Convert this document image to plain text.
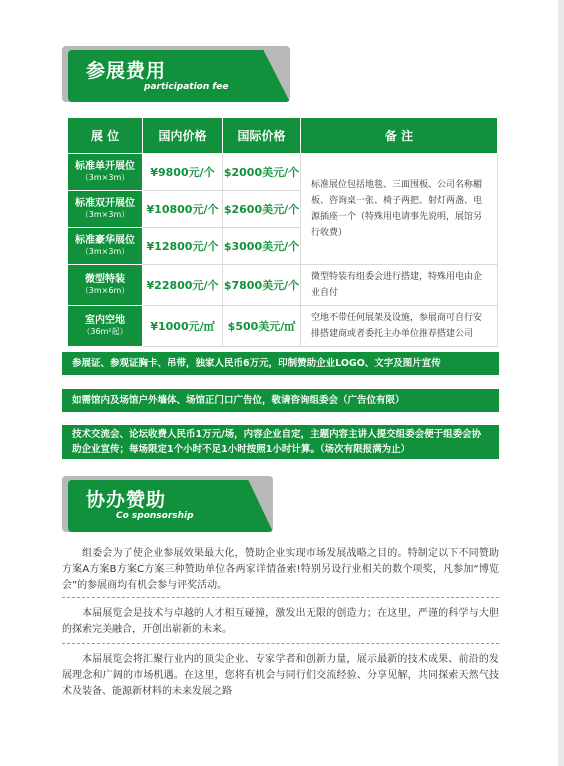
参展费用
participation fee
展 位	国内价格	国际价格	备 注

标准单开展位
（3m×3m）	¥9800元/个	$2000美元/个	标准展位包括地毯、三面围板、公司名称楣板、咨询桌一张、椅子两把、射灯两盏、电源插座一个（特殊用电请事先说明，展馆另行收费）

标准双开展位
（3m×3m）	¥10800元/个	$2600美元/个	

标准豪华展位
（3m×3m）	¥12800元/个	$3000美元/个	

微型特装
（3m×6m）	¥22800元/个	$7800美元/个	微型特装有组委会进行搭建，特殊用电由企业自付

室内空地
（36m²起）	¥1000元/㎡	$500美元/㎡	空地不带任何展架及设施，参展商可自行安排搭建商或者委托主办单位推荐搭建公司
参展证、参观证胸卡、吊带，独家人民币6万元，印制赞助企业LOGO、文字及图片宣传
如需馆内及场馆户外墙体、场馆正门口广告位，敬请咨询组委会（广告位有限）
技术交流会、论坛收费人民币1万元/场，内容企业自定，主题内容主讲人提交组委会便于组委会协助企业宣传；每场限定1个小时不足1小时按照1小时计算。（场次有限报满为止）
协办赞助
Co sponsorship
组委会为了使企业参展效果最大化，赞助企业实现市场发展战略之目的。特制定以下不同赞助方案A方案B方案C方案三种赞助单位各两家详情备索!特别另设行业相关的数个项奖，凡参加“博览会”的参展商均有机会参与评奖活动。
本届展览会是技术与卓越的人才相互碰撞，激发出无限的创造力；在这里，严谨的科学与大胆的探索完美融合，开创出崭新的未来。
本届展览会将汇聚行业内的顶尖企业、专家学者和创新力量，展示最新的技术成果、前沿的发展理念和广阔的市场机遇。在这里，您将有机会与同行们交流经验、分享见解，共同探索天然气技术及装备、能源新材料的未来发展之路
